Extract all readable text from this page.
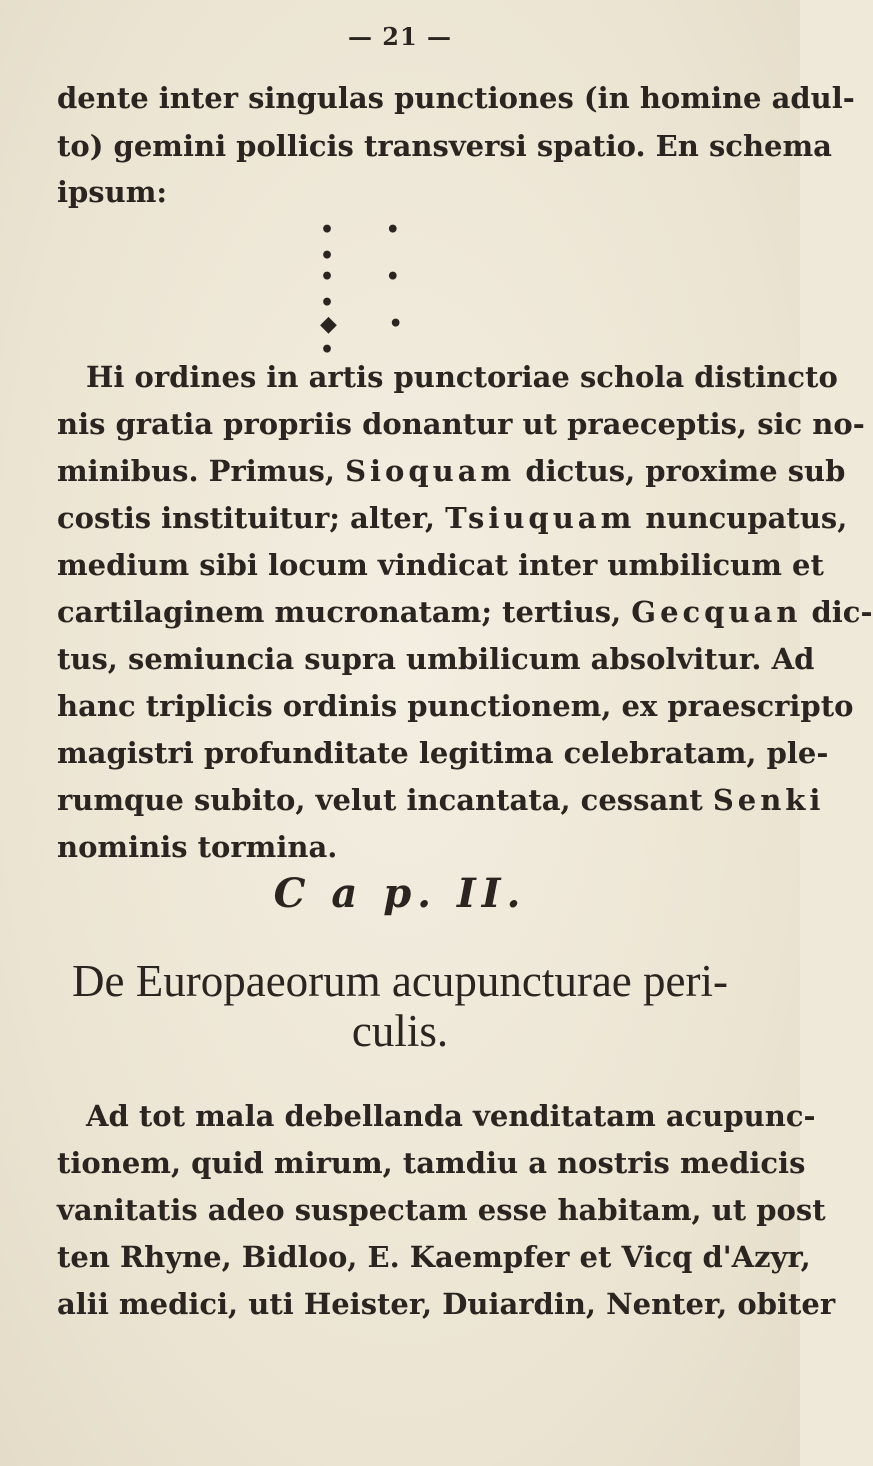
— 21 —
dente inter singulas punctiones (in homine adul-
to) gemini pollicis transversi spatio. En schema
ipsum:
• • •
• • •
◆ • •
Hi ordines in artis punctoriae schola distincto
nis gratia propriis donantur ut praeceptis, sic no-
minibus. Primus, Sioquam dictus, proxime sub
costis instituitur; alter, Tsiuquam nuncupatus,
medium sibi locum vindicat inter umbilicum et
cartilaginem mucronatam; tertius, Gecquan dic-
tus, semiuncia supra umbilicum absolvitur. Ad
hanc triplicis ordinis punctionem, ex praescripto
magistri profunditate legitima celebratam, ple-
rumque subito, velut incantata, cessant Senki
nominis tormina.
C a p. II.
De Europaeorum acupuncturae peri-
culis.
Ad tot mala debellanda venditatam acupunc-
tionem, quid mirum, tamdiu a nostris medicis
vanitatis adeo suspectam esse habitam, ut post
ten Rhyne, Bidloo, E. Kaempfer et Vicq d'Azyr,
alii medici, uti Heister, Duiardin, Nenter, obiter
